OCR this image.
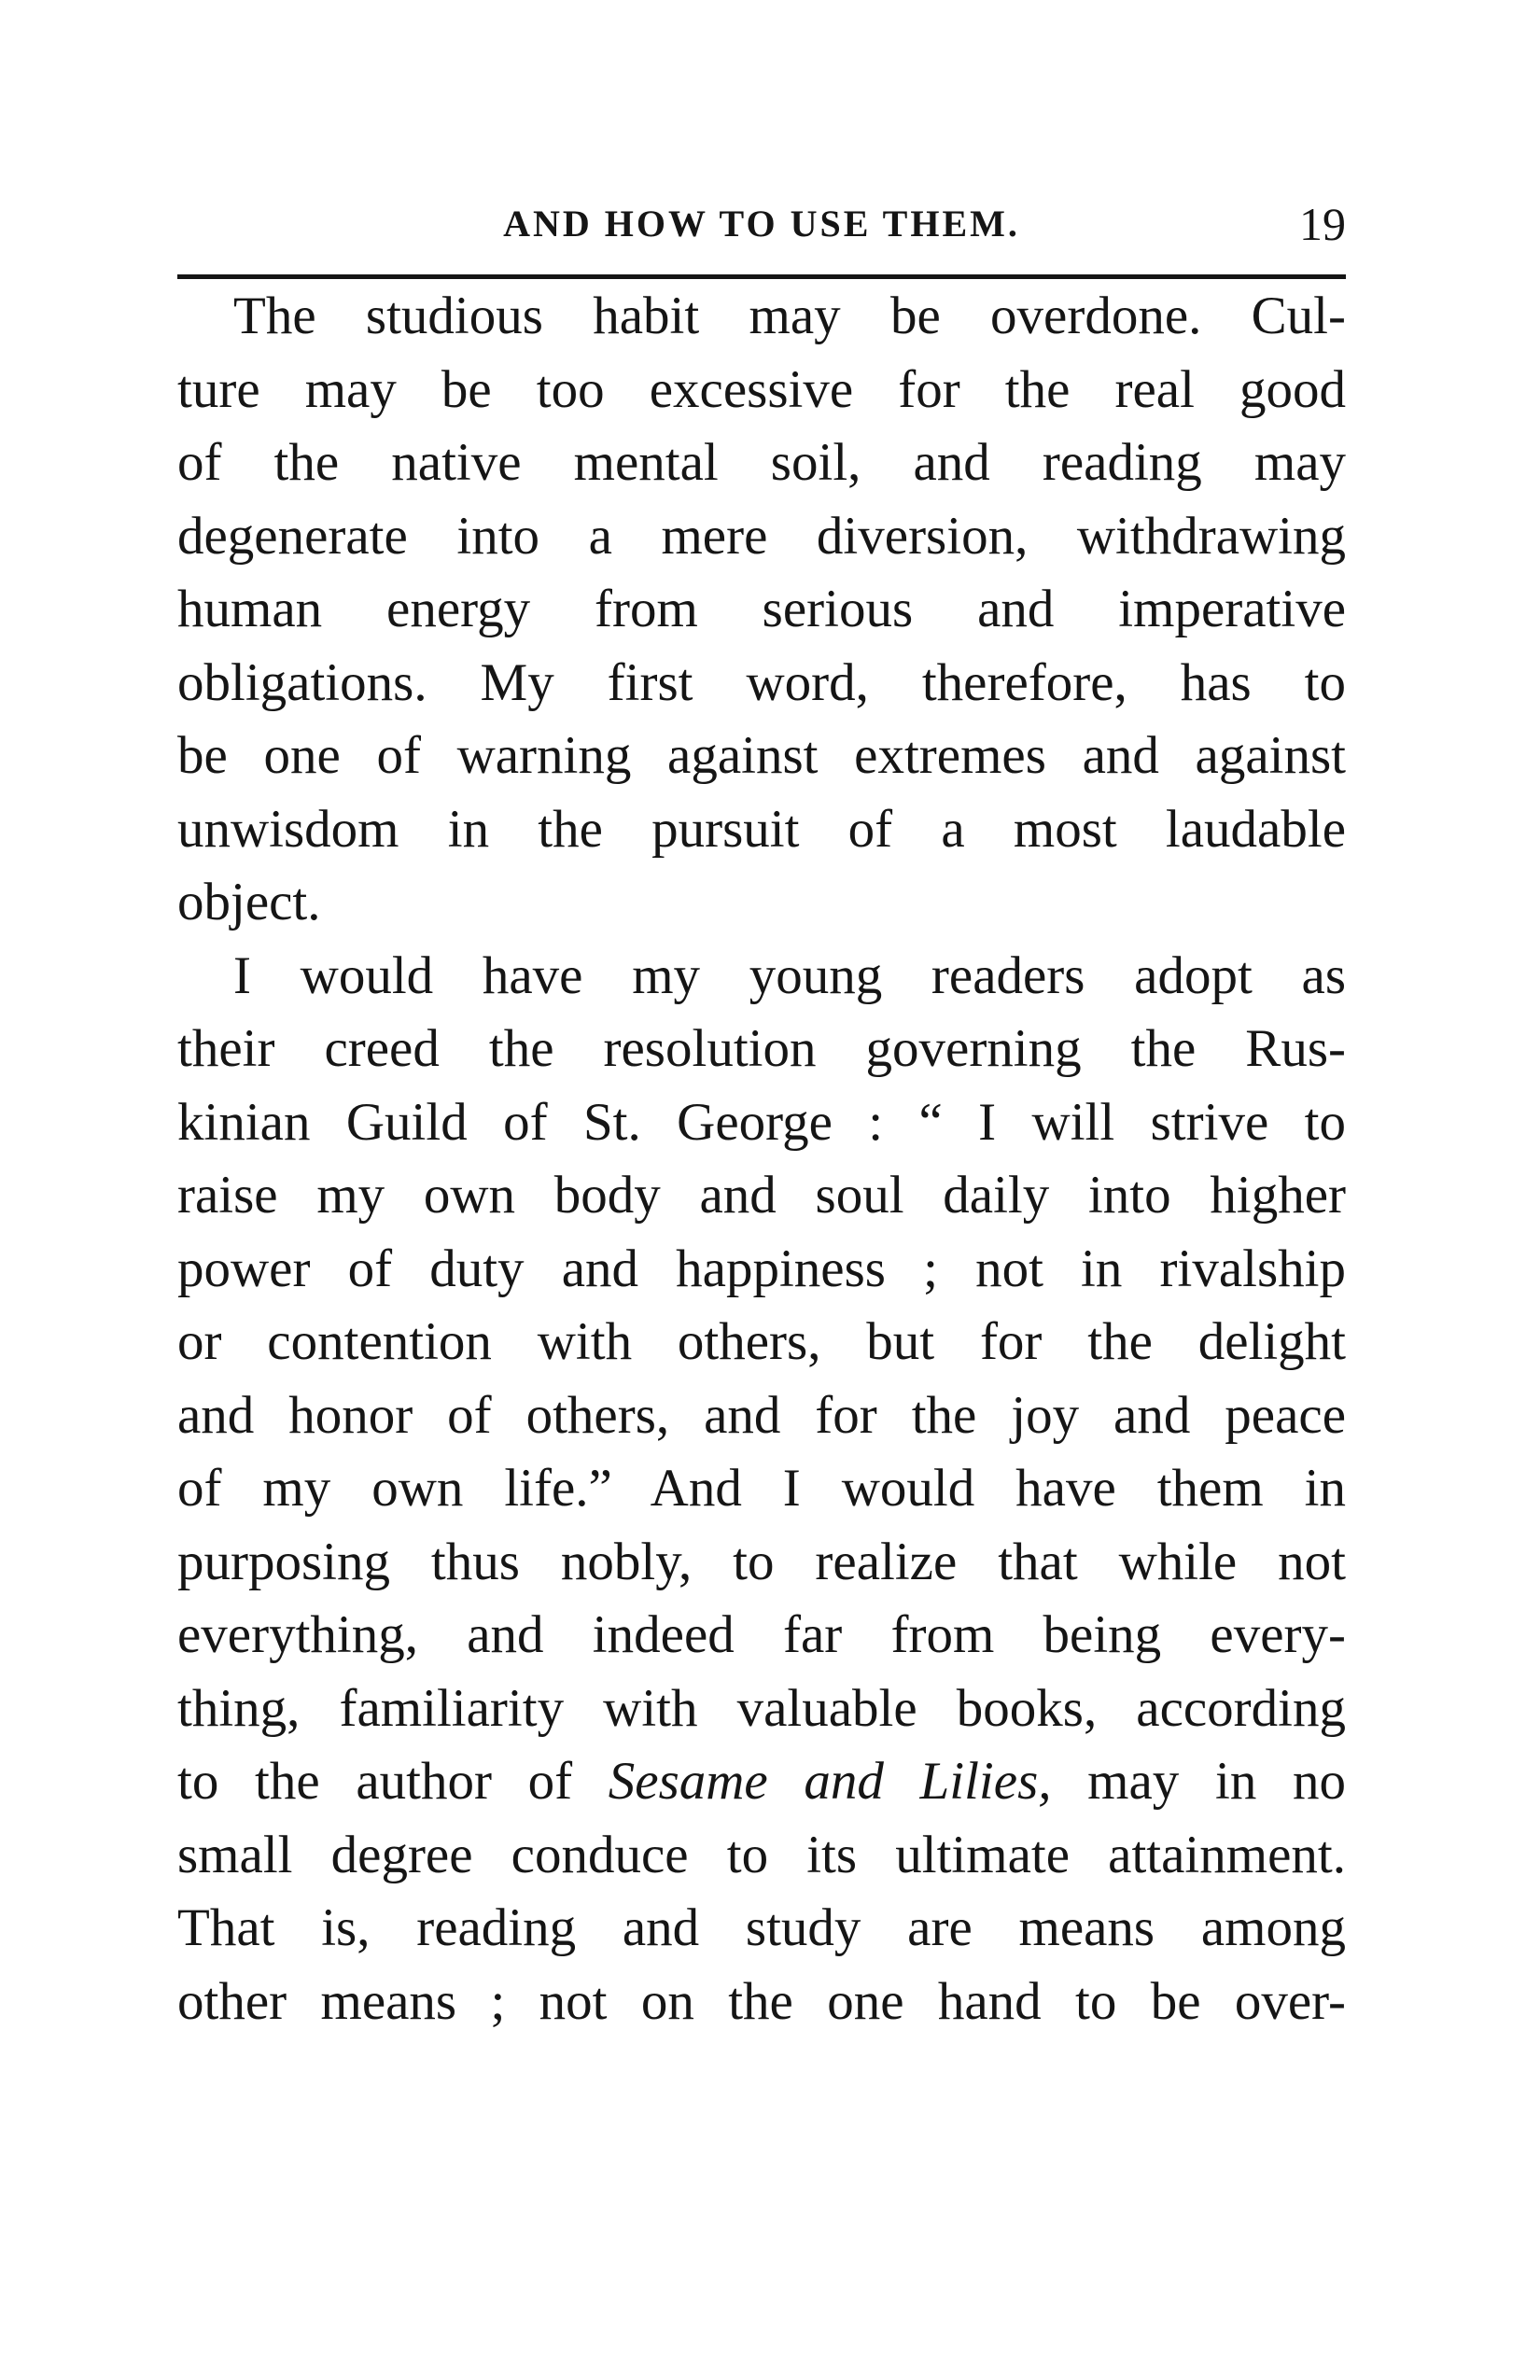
AND HOW TO USE THEM.	19
The studious habit may be overdone. Cul-
ture may be too excessive for the real good
of the native mental soil, and reading may
degenerate into a mere diversion, withdrawing
human energy from serious and imperative
obligations. My first word, therefore, has to
be one of warning against extremes and against
unwisdom in the pursuit of a most laudable
object.
I would have my young readers adopt as
their creed the resolution governing the Rus-
kinian Guild of St. George : “ I will strive to
raise my own body and soul daily into higher
power of duty and happiness ; not in rivalship
or contention with others, but for the delight
and honor of others, and for the joy and peace
of my own life.” And I would have them in
purposing thus nobly, to realize that while not
everything, and indeed far from being every-
thing, familiarity with valuable books, according
to the author of Sesame and Lilies, may in no
small degree conduce to its ultimate attainment.
That is, reading and study are means among
other means ; not on the one hand to be over-
